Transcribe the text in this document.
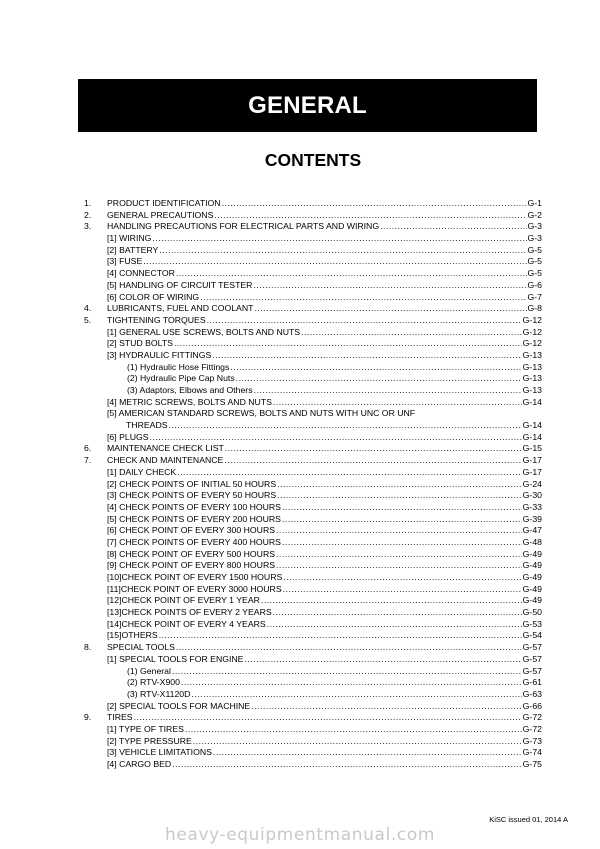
GENERAL
CONTENTS
1.	PRODUCT IDENTIFICATION .....	G-1
2.	GENERAL PRECAUTIONS .....	G-2
3.	HANDLING PRECAUTIONS FOR ELECTRICAL PARTS AND WIRING .....	G-3
[1] WIRING .....	G-3
[2] BATTERY .....	G-5
[3] FUSE .....	G-5
[4] CONNECTOR .....	G-5
[5] HANDLING OF CIRCUIT TESTER .....	G-6
[6] COLOR OF WIRING .....	G-7
4.	LUBRICANTS, FUEL AND COOLANT .....	G-8
5.	TIGHTENING TORQUES .....	G-12
[1] GENERAL USE SCREWS, BOLTS AND NUTS .....	G-12
[2] STUD BOLTS .....	G-12
[3] HYDRAULIC FITTINGS .....	G-13
(1) Hydraulic Hose Fittings .....	G-13
(2) Hydraulic Pipe Cap Nuts .....	G-13
(3) Adaptors, Elbows and Others .....	G-13
[4] METRIC SCREWS, BOLTS AND NUTS .....	G-14
[5] AMERICAN STANDARD SCREWS, BOLTS AND NUTS WITH UNC OR UNF
THREADS .....	G-14
[6] PLUGS .....	G-14
6.	MAINTENANCE CHECK LIST .....	G-15
7.	CHECK AND MAINTENANCE .....	G-17
[1] DAILY CHECK .....	G-17
[2] CHECK POINTS OF INITIAL 50 HOURS .....	G-24
[3] CHECK POINTS OF EVERY 50 HOURS .....	G-30
[4] CHECK POINTS OF EVERY 100 HOURS .....	G-33
[5] CHECK POINTS OF EVERY 200 HOURS .....	G-39
[6] CHECK POINT OF EVERY 300 HOURS .....	G-47
[7] CHECK POINTS OF EVERY 400 HOURS .....	G-48
[8] CHECK POINT OF EVERY 500 HOURS .....	G-49
[9] CHECK POINT OF EVERY 800 HOURS .....	G-49
[10]CHECK POINT OF EVERY 1500 HOURS .....	G-49
[11]CHECK POINT OF EVERY 3000 HOURS .....	G-49
[12]CHECK POINT OF EVERY 1 YEAR .....	G-49
[13]CHECK POINTS OF EVERY 2 YEARS .....	G-50
[14]CHECK POINT OF EVERY 4 YEARS .....	G-53
[15]OTHERS .....	G-54
8.	SPECIAL TOOLS .....	G-57
[1] SPECIAL TOOLS FOR ENGINE .....	G-57
(1) General .....	G-57
(2) RTV-X900 .....	G-61
(3) RTV-X1120D .....	G-63
[2] SPECIAL TOOLS FOR MACHINE .....	G-66
9.	TIRES .....	G-72
[1] TYPE OF TIRES .....	G-72
[2] TYPE PRESSURE .....	G-73
[3] VEHICLE LIMITATIONS .....	G-74
[4] CARGO BED .....	G-75
KiSC issued 01, 2014 A
heavy-equipmentmanual.com
